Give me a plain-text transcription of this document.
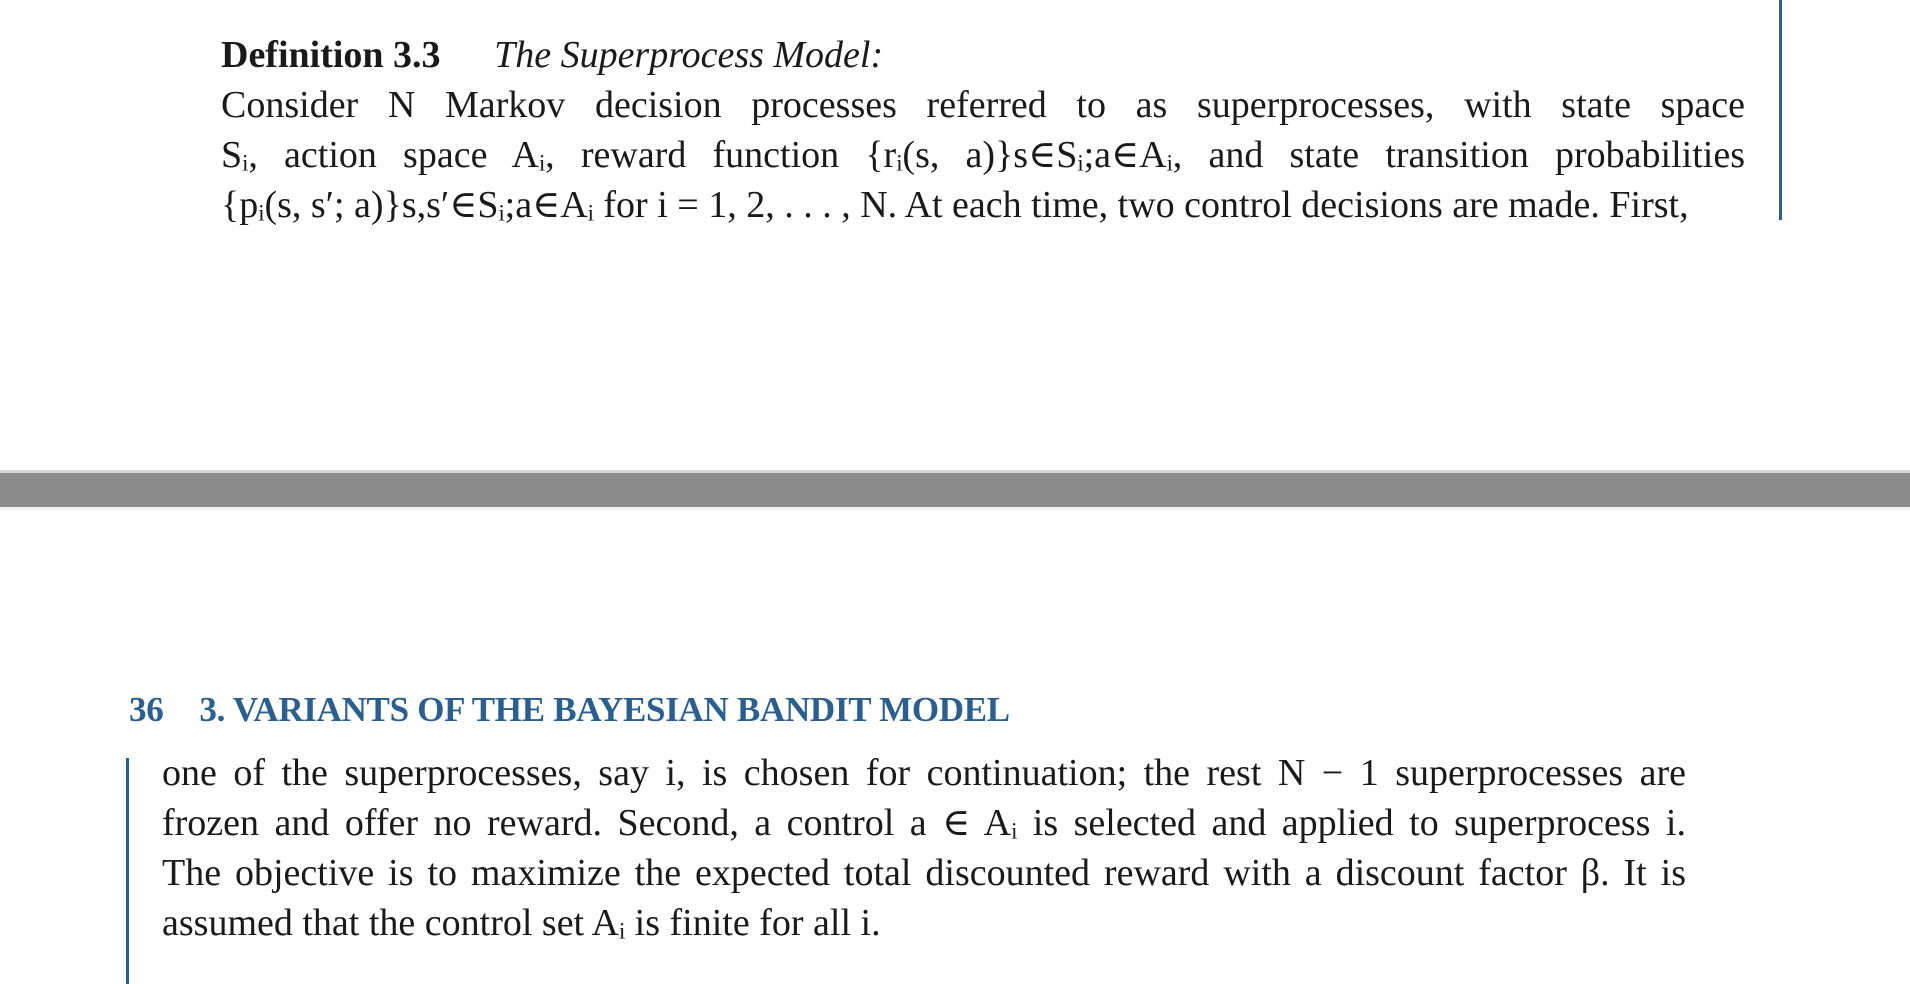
Definition 3.3 The Superprocess Model:
Consider N Markov decision processes referred to as superprocesses, with state space
Sᵢ, action space Aᵢ, reward function {rᵢ(s, a)}s∈Sᵢ;a∈Aᵢ, and state transition probabilities
{pᵢ(s, s′; a)}s,s′∈Sᵢ;a∈Aᵢ for i = 1, 2, . . . , N. At each time, two control decisions are made. First,
36 3. VARIANTS OF THE BAYESIAN BANDIT MODEL
one of the superprocesses, say i, is chosen for continuation; the rest N − 1 superprocesses are
frozen and offer no reward. Second, a control a ∈ Aᵢ is selected and applied to superprocess i.
The objective is to maximize the expected total discounted reward with a discount factor β. It is
assumed that the control set Aᵢ is finite for all i.
